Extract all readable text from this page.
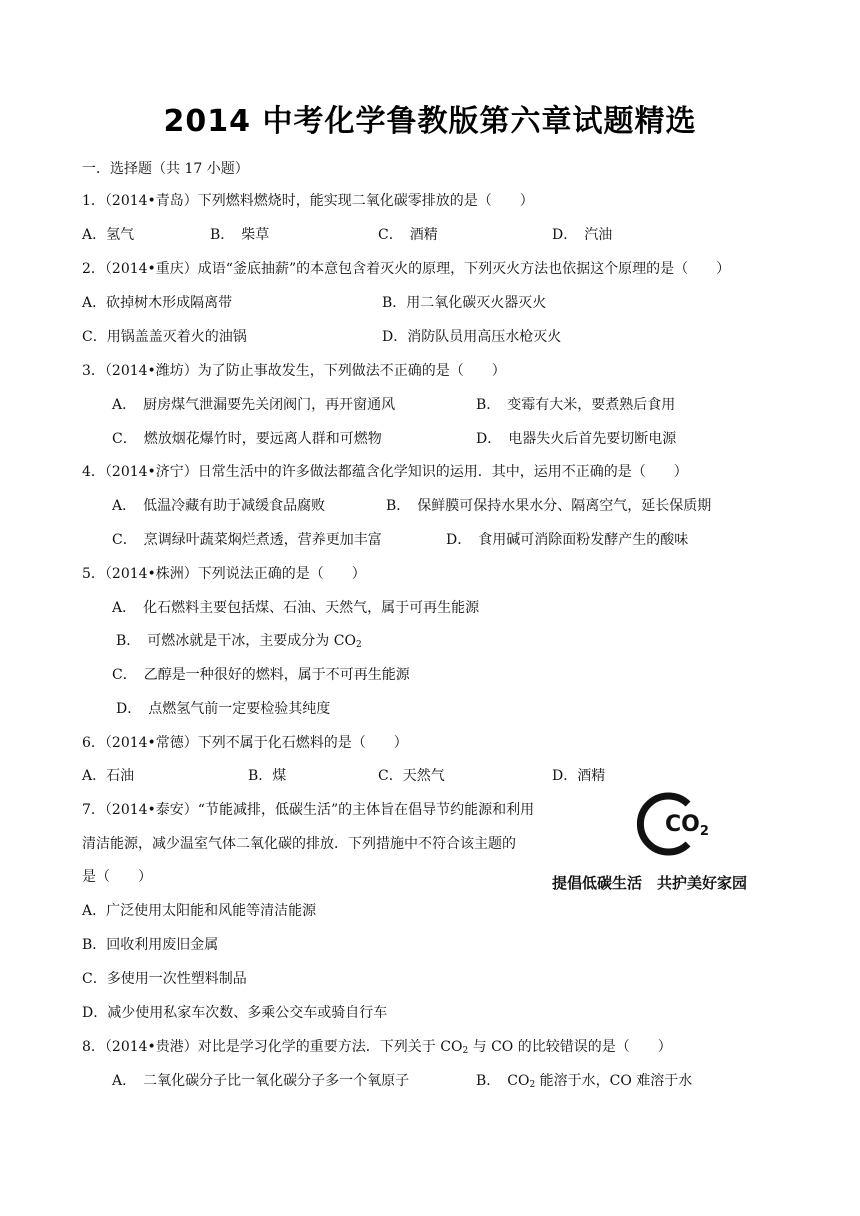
2014 中考化学鲁教版第六章试题精选
一．选择题（共 17 小题）
1．（2014•青岛）下列燃料燃烧时，能实现二氧化碳零排放的是（　　）
A．氢气	B．　柴草	C．　酒精	D．　汽油
2．（2014•重庆）成语“釜底抽薪”的本意包含着灭火的原理，下列灭火方法也依据这个原理的是（　　）
A．砍掉树木形成隔离带	B．用二氧化碳灭火器灭火
C．用锅盖盖灭着火的油锅	D．消防队员用高压水枪灭火
3．（2014•潍坊）为了防止事故发生，下列做法不正确的是（　　）
A．　厨房煤气泄漏要先关闭阀门，再开窗通风	B．　变霉有大米，要煮熟后食用
C．　燃放烟花爆竹时，要远离人群和可燃物	D．　电器失火后首先要切断电源
4．（2014•济宁）日常生活中的许多做法都蕴含化学知识的运用．其中，运用不正确的是（　　）
A．　低温冷藏有助于减缓食品腐败	B．　保鲜膜可保持水果水分、隔离空气，延长保质期
C．　烹调绿叶蔬菜焖烂煮透，营养更加丰富	D．　食用碱可消除面粉发酵产生的酸味
5．（2014•株洲）下列说法正确的是（　　）
A．　化石燃料主要包括煤、石油、天然气，属于可再生能源
B．　可燃冰就是干冰，主要成分为 $CO_2$
C．　乙醇是一种很好的燃料，属于不可再生能源
D．　点燃氢气前一定要检验其纯度
6．（2014•常德）下列不属于化石燃料的是（　　）
A．石油	B．煤	C．天然气	D．酒精
7．（2014•泰安）“节能减排，低碳生活”的主体旨在倡导节约能源和利用
清洁能源，减少温室气体二氧化碳的排放．下列措施中不符合该主题的
是（　　）
CO2
提倡低碳生活　共护美好家园
A．广泛使用太阳能和风能等清洁能源
B．回收利用废旧金属
C．多使用一次性塑料制品
D．减少使用私家车次数、多乘公交车或骑自行车
8．（2014•贵港）对比是学习化学的重要方法．下列关于 $CO_2$ 与 CO 的比较错误的是（　　）
A．　二氧化碳分子比一氧化碳分子多一个氧原子	B．　$CO_2$ 能溶于水，CO 难溶于水
